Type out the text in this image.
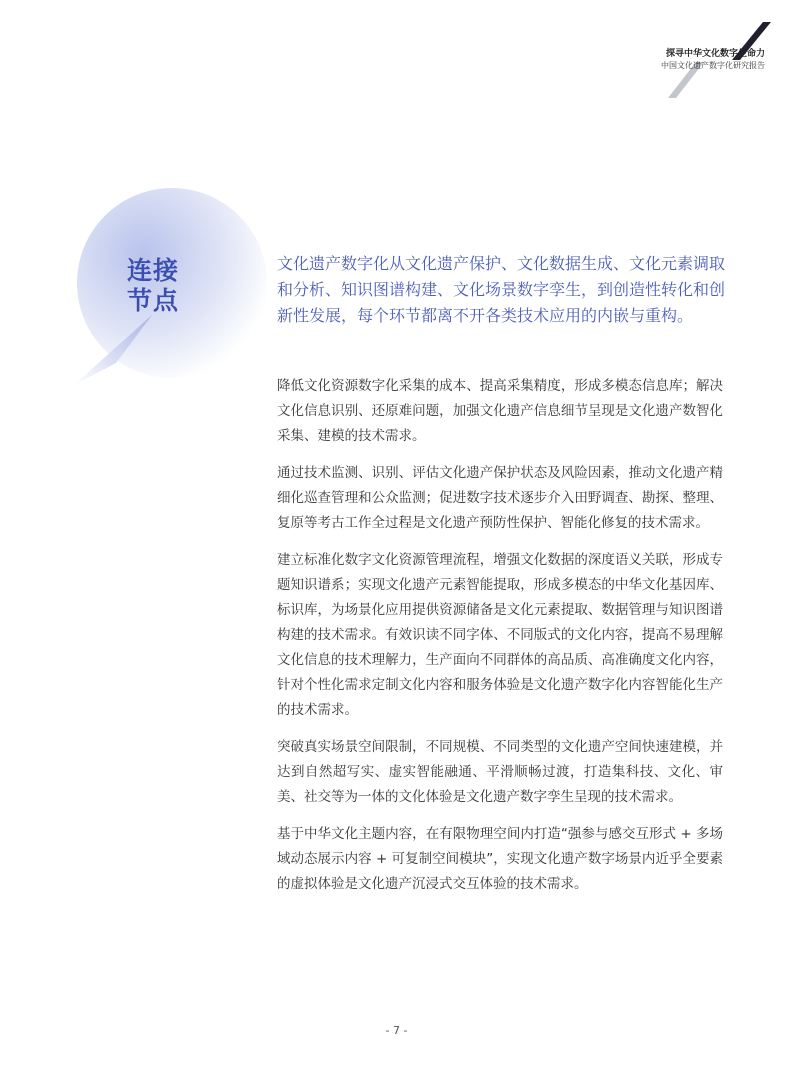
探寻中华文化数字生命力
中国文化遗产数字化研究报告
连接
节点

文化遗产数字化从文化遗产保护、文化数据生成、文化元素调取和分析、知识图谱构建、文化场景数字孪生，到创造性转化和创新性发展，每个环节都离不开各类技术应用的内嵌与重构。

降低文化资源数字化采集的成本、提高采集精度，形成多模态信息库；解决文化信息识别、还原难问题，加强文化遗产信息细节呈现是文化遗产数智化采集、建模的技术需求。

通过技术监测、识别、评估文化遗产保护状态及风险因素，推动文化遗产精细化巡查管理和公众监测；促进数字技术逐步介入田野调查、勘探、整理、复原等考古工作全过程是文化遗产预防性保护、智能化修复的技术需求。

建立标准化数字文化资源管理流程，增强文化数据的深度语义关联，形成专题知识谱系；实现文化遗产元素智能提取，形成多模态的中华文化基因库、标识库，为场景化应用提供资源储备是文化元素提取、数据管理与知识图谱构建的技术需求。有效识读不同字体、不同版式的文化内容，提高不易理解文化信息的技术理解力，生产面向不同群体的高品质、高准确度文化内容，针对个性化需求定制文化内容和服务体验是文化遗产数字化内容智能化生产的技术需求。

突破真实场景空间限制，不同规模、不同类型的文化遗产空间快速建模，并达到自然超写实、虚实智能融通、平滑顺畅过渡，打造集科技、文化、审美、社交等为一体的文化体验是文化遗产数字孪生呈现的技术需求。

基于中华文化主题内容，在有限物理空间内打造“强参与感交互形式 + 多场域动态展示内容 + 可复制空间模块”，实现文化遗产数字场景内近乎全要素的虚拟体验是文化遗产沉浸式交互体验的技术需求。

- 7 -
